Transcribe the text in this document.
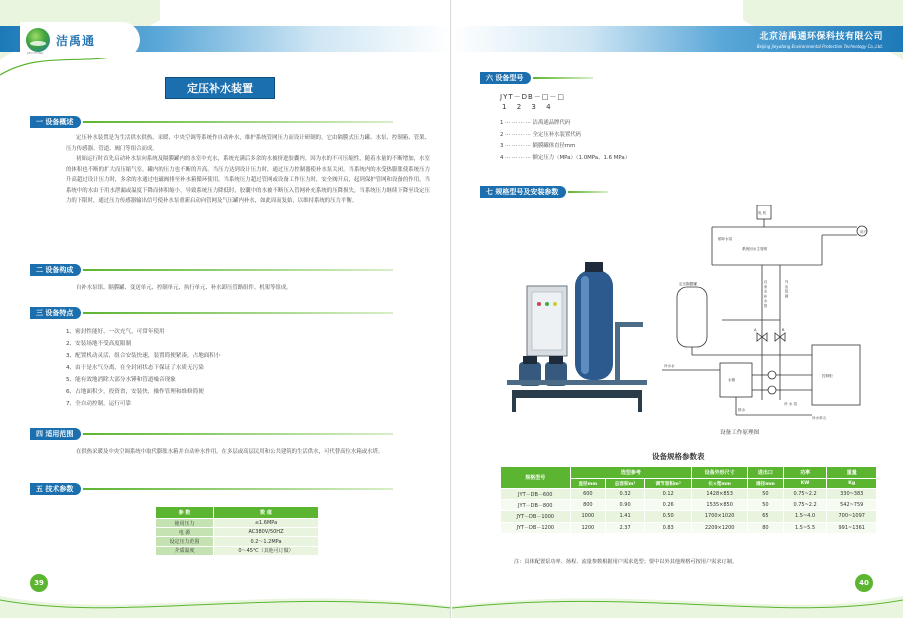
洁禹通
JIEYUTONG
定压补水装置
一 设备概述

定压补水装置是为生活供水供热、采暖、中央空调等系统作自动补水，维护系统管网压力而设计研制的。它由隔膜式压力罐、水泵、控制箱、管架、压力传感器、管道、阀门等组合而成。

初始运行时首先启动补水泵向系统及隔膜罐内的水室中充水，系统充满后多余的水被挤进胶囊内。因为水的不可压缩性，随着水量的不断增加，水室的体积也不断的扩大而压缩气室，罐内的压力也不断的升高。当压力达到设计压力时，通过压力控制器使补水泵关闭。当系统内的水受热膨胀使系统压力升高超过设计压力时，多余的水通过电磁阀排至补水箱循环使用，当系统压力超过管网或设备工作压力时，安全阀开启，起到保护管网和设备的作用。当系统中的水由于用水泄漏或温度下降而体积缩小，导致系统压力降低时，胶囊中的水被不断压入管网补充系统的压降损失，当系统压力继续下降至设定压力的下限时，通过压力传感器输出信号使补水泵重新启动向管网及气压罐内补水，如此周而复始，以维持系统的压力平衡。

二 设备构成

自补水泵组、隔膜罐、变送单元、控制单元、执行单元、补水卸压管路组件、机架等组成。

三 设备特点
1、密封性能好、一次充气，可常年使用
2、安装场地不受高度限制
3、配置机动灵活，组合安装快速，装置简便紧凑，占地面积小
4、由于是水气分离，在全封闭状态下保证了水质无污染
5、能有效地消除大部分水锤和管道噪音现象
6、占地面积少，投资省，安装快，操作管理和维修简便
7、全自动控制，运行可靠
四 适用范围

在供热采暖及中央空调系统中取代膨胀水箱并自动补水作用，在多层或高层民用和公共建筑的生活供水，可代替高位水箱或水塔。

五 技术参数
参 数	数 值
使用压力	≤1.6MPa
电 源	AC380V/50HZ
设定压力范围	0.2～1.2MPa
介质温度	0～45℃（其他可订做）
39
北京洁禹通环保科技有限公司
Beijing Jieyutong Environmental Protection Technology Co.,Ltd.
六 设备型号
JYT－DB－□－□
1 2 3 4
1 ··· ··· ··· ··· 洁禹通品牌代码
2 ··· ··· ··· ··· 全定压补水装置代码
3 ··· ··· ··· ··· 隔膜罐体直径mm
4 ··· ··· ··· ··· 额定压力（MPa）（1.0MPa、1.6 MPa）
七 规格型号及安装参数
电 机
用户
循环水泵
系统回水主管网
定压隔膜罐
水箱
控制柜
补水单元
补水水
排水
补 水 泵
A	B
外 出 管 网
自 来 水 补 水 管
设备工作原理图
设备规格参数表
规格型号	选型参考			设备外形尺寸	进出口	功率	重量
	直径mm	总容积m³	调节容积m³	长×宽mm	通径mm	KW	Kg
JYT－DB－600	600	0.32	0.12	1428×853	50	0.75~2.2	330~383
JYT－DB－800	800	0.90	0.26	1535×850	50	0.75~2.2	542~759
JYT－DB－1000	1000	1.41	0.50	1700×1020	65	1.5~4.0	700~1097
JYT－DB－1200	1200	2.37	0.83	2209×1200	80	1.5~5.5	991~1361
注：具体配置泵功率、扬程、流量参数根据用户需求选型；要中以外其他规格可按用户需求订制。
40
